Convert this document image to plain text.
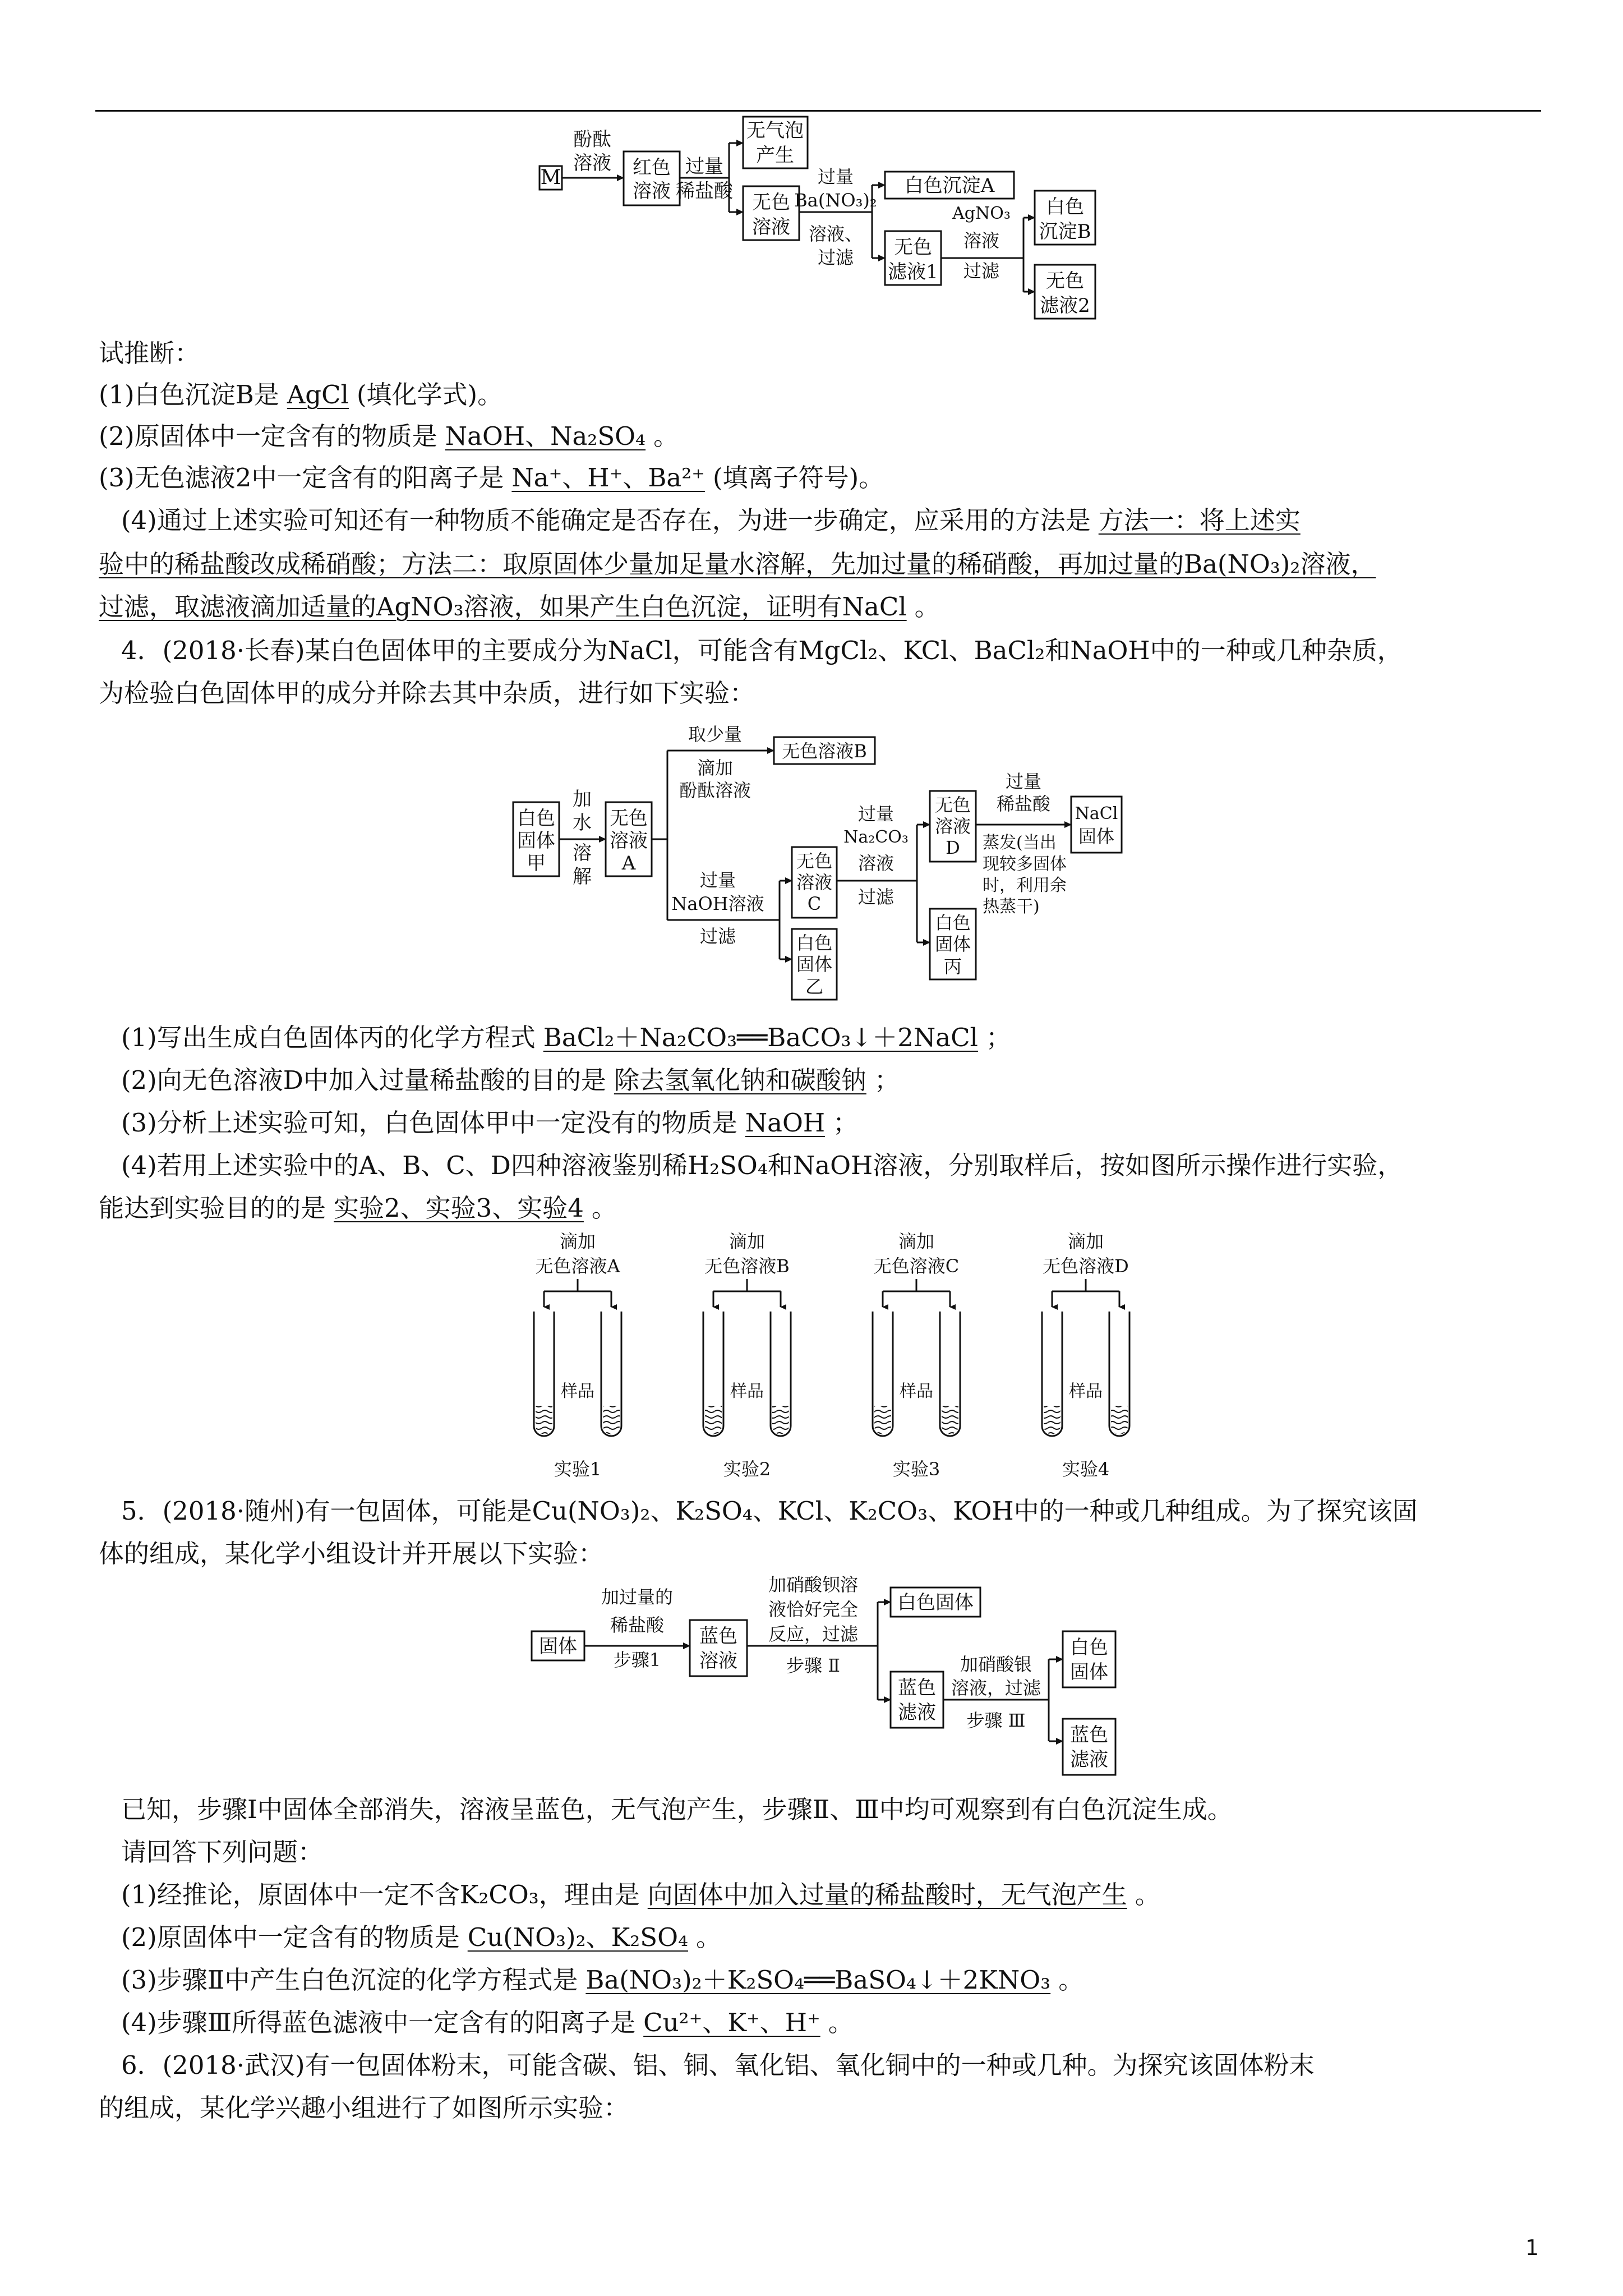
M
酚酞
溶液 红色
溶液
过量
稀盐酸
无气泡
产生
无色
溶液
过量
Ba(NO₃)₂
溶液、
过滤
白色沉淀A
无色
滤液1
AgNO₃
溶液
过滤
白色
沉淀B
无色
滤液2
试推断：
(1)白色沉淀B是 AgCl (填化学式)。
(2)原固体中一定含有的物质是 NaOH、Na₂SO₄ 。
(3)无色滤液2中一定含有的阳离子是 Na⁺、H⁺、Ba²⁺ (填离子符号)。
(4)通过上述实验可知还有一种物质不能确定是否存在，为进一步确定，应采用的方法是 方法一：将上述实
验中的稀盐酸改成稀硝酸；方法二：取原固体少量加足量水溶解，先加过量的稀硝酸，再加过量的Ba(NO₃)₂溶液，
过滤，取滤液滴加适量的AgNO₃溶液，如果产生白色沉淀，证明有NaCl 。
4．(2018·长春)某白色固体甲的主要成分为NaCl，可能含有MgCl₂、KCl、BaCl₂和NaOH中的一种或几种杂质，
为检验白色固体甲的成分并除去其中杂质，进行如下实验：
白色
固体
甲
加
水
溶
解
无色
溶液
A
取少量
滴加
酚酞溶液
无色溶液B
过量
NaOH溶液
过滤
无色
溶液
C
白色
固体
乙
过量
Na₂CO₃
溶液
过滤
无色
溶液
D
白色
固体
丙
过量
稀盐酸
蒸发(当出
现较多固体
时，利用余
热蒸干)
NaCl
固体
(1)写出生成白色固体丙的化学方程式 BaCl₂＋Na₂CO₃══BaCO₃↓＋2NaCl ；
(2)向无色溶液D中加入过量稀盐酸的目的是 除去氢氧化钠和碳酸钠 ；
(3)分析上述实验可知，白色固体甲中一定没有的物质是 NaOH ；
(4)若用上述实验中的A、B、C、D四种溶液鉴别稀H₂SO₄和NaOH溶液，分别取样后，按如图所示操作进行实验，
能达到实验目的的是 实验2、实验3、实验4 。
滴加
无色溶液A
样品
实验1
滴加
无色溶液B
样品
实验2
滴加
无色溶液C
样品
实验3
滴加
无色溶液D
样品
实验4
5．(2018·随州)有一包固体，可能是Cu(NO₃)₂、K₂SO₄、KCl、K₂CO₃、KOH中的一种或几种组成。为了探究该固
体的组成，某化学小组设计并开展以下实验：
固体
加过量的
稀盐酸
步骤1
蓝色
溶液
加硝酸钡溶
液恰好完全
反应，过滤
步骤 Ⅱ
白色固体
蓝色
滤液
加硝酸银
溶液，过滤
步骤 Ⅲ
白色
固体
蓝色
滤液
已知，步骤Ⅰ中固体全部消失，溶液呈蓝色，无气泡产生，步骤Ⅱ、Ⅲ中均可观察到有白色沉淀生成。
请回答下列问题：
(1)经推论，原固体中一定不含K₂CO₃，理由是 向固体中加入过量的稀盐酸时，无气泡产生 。
(2)原固体中一定含有的物质是 Cu(NO₃)₂、K₂SO₄ 。
(3)步骤Ⅱ中产生白色沉淀的化学方程式是 Ba(NO₃)₂＋K₂SO₄══BaSO₄↓＋2KNO₃ 。
(4)步骤Ⅲ所得蓝色滤液中一定含有的阳离子是 Cu²⁺、K⁺、H⁺ 。
6．(2018·武汉)有一包固体粉末，可能含碳、铝、铜、氧化铝、氧化铜中的一种或几种。为探究该固体粉末
的组成，某化学兴趣小组进行了如图所示实验：
1
